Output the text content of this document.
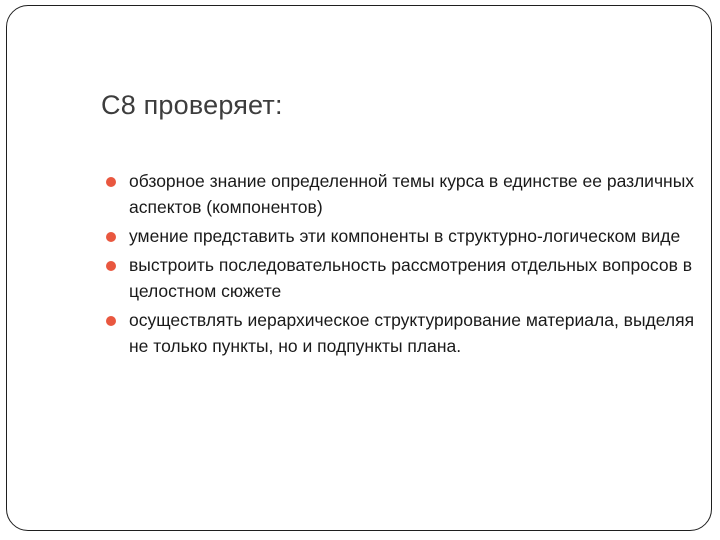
С8 проверяет:
обзорное знание определенной темы курса в единстве ее различных аспектов (компонентов)
умение представить эти компоненты в структурно-логическом виде
выстроить последовательность рассмотрения отдельных вопросов в целостном сюжете
осуществлять иерархическое структурирование материала, выделяя не только пункты, но и подпункты плана.
